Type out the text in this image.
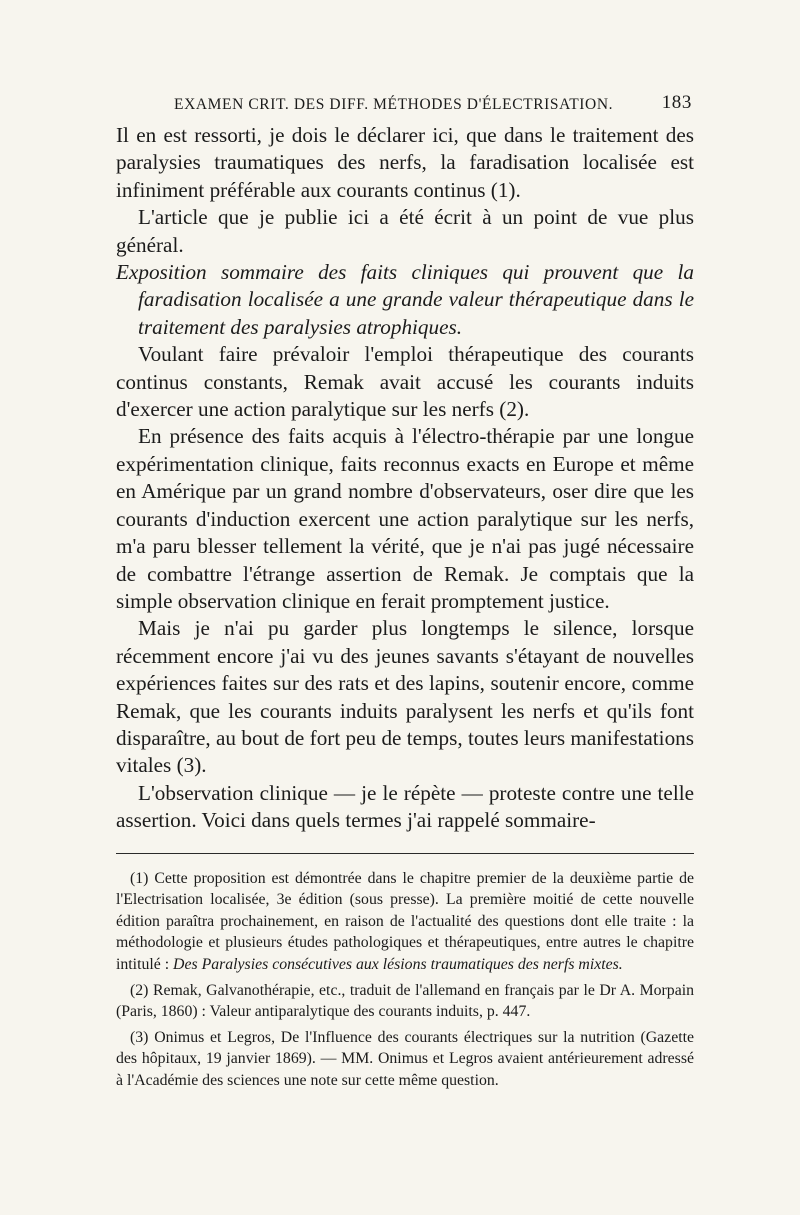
EXAMEN CRIT. DES DIFF. MÉTHODES D'ÉLECTRISATION.	183

Il en est ressorti, je dois le déclarer ici, que dans le traitement des paralysies traumatiques des nerfs, la faradisation localisée est infiniment préférable aux courants continus (1).

L'article que je publie ici a été écrit à un point de vue plus général.

Exposition sommaire des faits cliniques qui prouvent que la faradisation localisée a une grande valeur thérapeutique dans le traitement des paralysies atrophiques.

Voulant faire prévaloir l'emploi thérapeutique des courants continus constants, Remak avait accusé les courants induits d'exercer une action paralytique sur les nerfs (2).

En présence des faits acquis à l'électro-thérapie par une longue expérimentation clinique, faits reconnus exacts en Europe et même en Amérique par un grand nombre d'observateurs, oser dire que les courants d'induction exercent une action paralytique sur les nerfs, m'a paru blesser tellement la vérité, que je n'ai pas jugé nécessaire de combattre l'étrange assertion de Remak. Je comptais que la simple observation clinique en ferait promptement justice.

Mais je n'ai pu garder plus longtemps le silence, lorsque récemment encore j'ai vu des jeunes savants s'étayant de nouvelles expériences faites sur des rats et des lapins, soutenir encore, comme Remak, que les courants induits paralysent les nerfs et qu'ils font disparaître, au bout de fort peu de temps, toutes leurs manifestations vitales (3).

L'observation clinique — je le répète — proteste contre une telle assertion. Voici dans quels termes j'ai rappelé sommaire-

(1) Cette proposition est démontrée dans le chapitre premier de la deuxième partie de l'Electrisation localisée, 3e édition (sous presse). La première moitié de cette nouvelle édition paraîtra prochainement, en raison de l'actualité des questions dont elle traite : la méthodologie et plusieurs études pathologiques et thérapeutiques, entre autres le chapitre intitulé : Des Paralysies consécutives aux lésions traumatiques des nerfs mixtes.

(2) Remak, Galvanothérapie, etc., traduit de l'allemand en français par le Dr A. Morpain (Paris, 1860) : Valeur antiparalytique des courants induits, p. 447.

(3) Onimus et Legros, De l'Influence des courants électriques sur la nutrition (Gazette des hôpitaux, 19 janvier 1869). — MM. Onimus et Legros avaient antérieurement adressé à l'Académie des sciences une note sur cette même question.
